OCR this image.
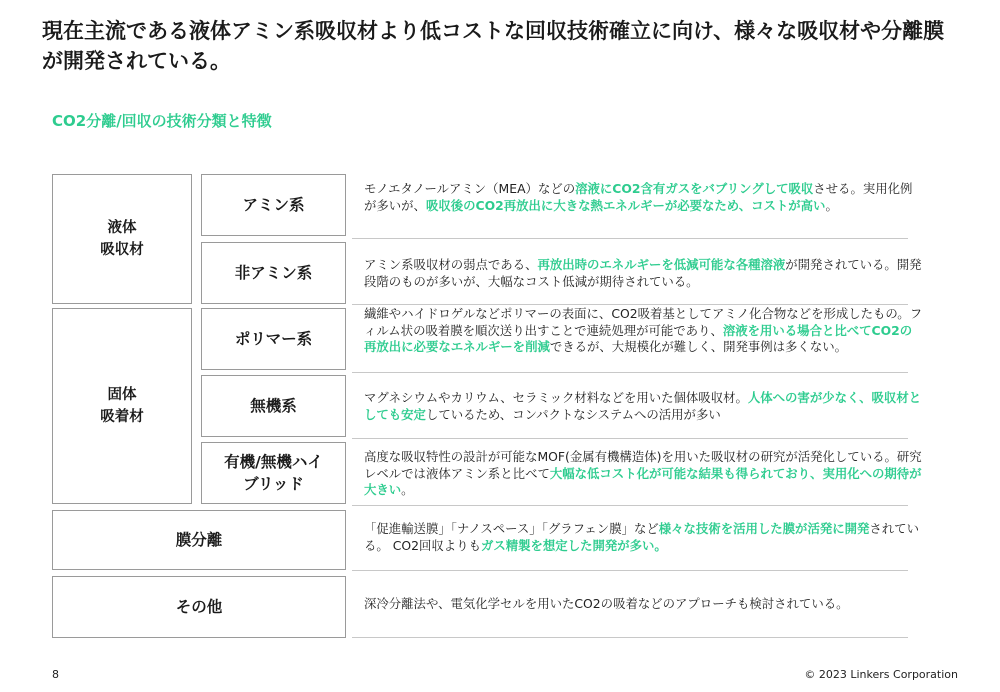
現在主流である液体アミン系吸収材より低コストな回収技術確立に向け、様々な吸収材や分離膜が開発されている。
CO2分離/回収の技術分類と特徴
液体
吸収材
固体
吸着材
膜分離
その他
アミン系
非アミン系
ポリマー系
無機系
有機/無機ハイ
ブリッド
モノエタノールアミン（MEA）などの溶液にCO2含有ガスをバブリングして吸収させる。実用化例が多いが、吸収後のCO2再放出に大きな熱エネルギーが必要なため、コストが高い。
アミン系吸収材の弱点である、再放出時のエネルギーを低減可能な各種溶液が開発されている。開発段階のものが多いが、大幅なコスト低減が期待されている。
繊維やハイドロゲルなどポリマーの表面に、CO2吸着基としてアミノ化合物などを形成したもの。フィルム状の吸着膜を順次送り出すことで連続処理が可能であり、溶液を用いる場合と比べてCO2の再放出に必要なエネルギーを削減できるが、大規模化が難しく、開発事例は多くない。
マグネシウムやカリウム、セラミック材料などを用いた個体吸収材。人体への害が少なく、吸収材としても安定しているため、コンパクトなシステムへの活用が多い
高度な吸収特性の設計が可能なMOF(金属有機構造体)を用いた吸収材の研究が活発化している。研究レベルでは液体アミン系と比べて大幅な低コスト化が可能な結果も得られており、実用化への期待が大きい。
「促進輸送膜」「ナノスペース」「グラフェン膜」など様々な技術を活用した膜が活発に開発されている。 CO2回収よりもガス精製を想定した開発が多い。
深冷分離法や、電気化学セルを用いたCO2の吸着などのアプローチも検討されている。
8	© 2023 Linkers Corporation
